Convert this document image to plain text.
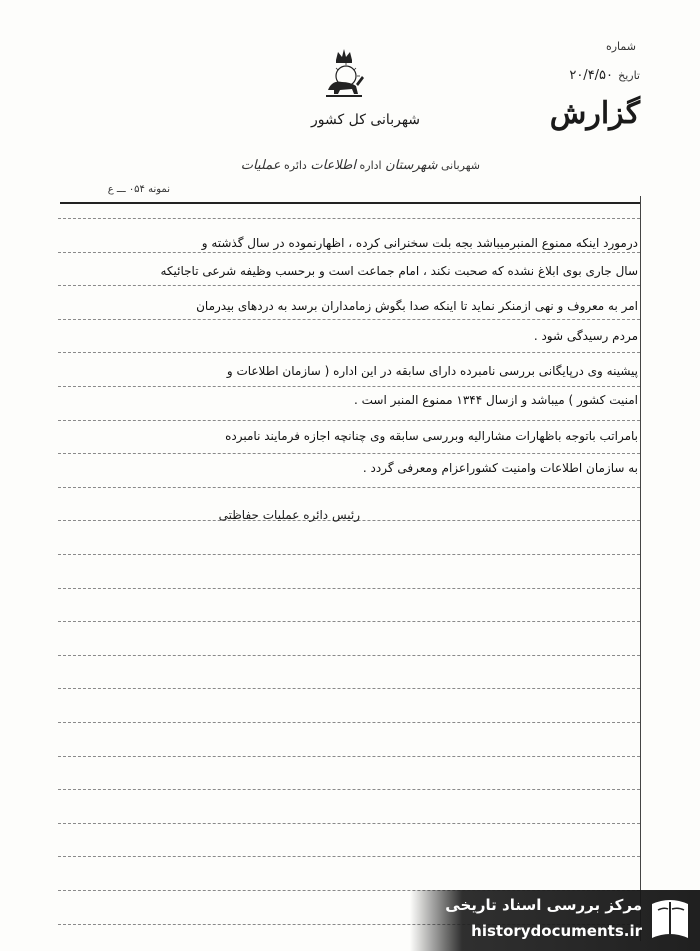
شماره
تاریخ ۲۰/۴/۵۰
گزارش
شهربانی کل کشور
شهربانی شهرستان اداره اطلاعات دائره عملیات
نمونه ۰۵۴ ـــ ع
درمورد اینکه ممنوع المنبرمیباشد بجه بلت سخنرانی کرده ، اظهارنموده در سال گذشته و
سال جاری بوی ابلاغ نشده که صحبت نکند ، امام جماعت است و برحسب وظیفه شرعی تاجائیکه
امر به معروف و نهی ازمنکر نماید تا اینکه صدا بگوش زمامداران برسد به دردهای بیدرمان
مردم رسیدگی شود .
پیشینه وی درپایگانی بررسی نامبرده دارای سابقه در این اداره ( سازمان اطلاعات و
امنیت کشور ) میباشد و ازسال ۱۳۴۴ ممنوع المنبر است .
بامراتب باتوجه باظهارات مشارالیه وبررسی سابقه وی چنانچه اجازه فرمایند نامبرده
به سازمان اطلاعات وامنیت کشوراعزام ومعرفی گردد .
رئیس دائره عملیات حفاظتی
مرکز بررسی اسناد تاریخی
historydocuments.ir
